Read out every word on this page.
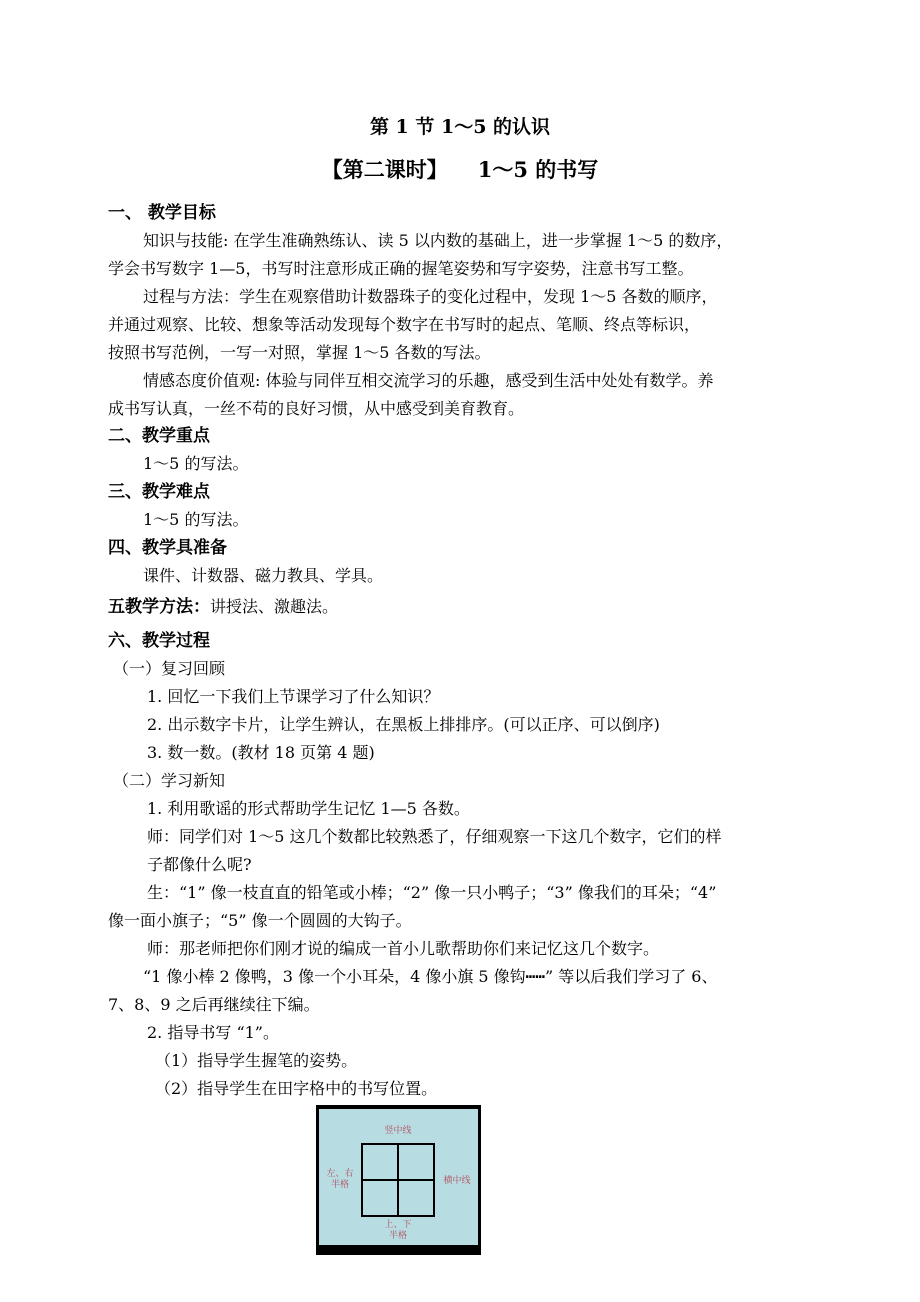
第 1 节 1～5 的认识
【第二课时】 1～5 的书写
一、 教学目标
知识与技能: 在学生准确熟练认、读 5 以内数的基础上，进一步掌握 1～5 的数序，
学会书写数字 1—5，书写时注意形成正确的握笔姿势和写字姿势，注意书写工整。
过程与方法：学生在观察借助计数器珠子的变化过程中，发现 1～5 各数的顺序，
并通过观察、比较、想象等活动发现每个数字在书写时的起点、笔顺、终点等标识，
按照书写范例，一写一对照，掌握 1～5 各数的写法。
情感态度价值观: 体验与同伴互相交流学习的乐趣，感受到生活中处处有数学。养
成书写认真，一丝不苟的良好习惯，从中感受到美育教育。
二、教学重点
1～5 的写法。
三、教学难点
1～5 的写法。
四、教学具准备
课件、计数器、磁力教具、学具。
五教学方法：讲授法、激趣法。
六、教学过程
（一）复习回顾
1. 回忆一下我们上节课学习了什么知识？
2. 出示数字卡片，让学生辨认，在黑板上排排序。(可以正序、可以倒序)
3. 数一数。(教材 18 页第 4 题)
（二）学习新知
1. 利用歌谣的形式帮助学生记忆 1—5 各数。
师：同学们对 1～5 这几个数都比较熟悉了，仔细观察一下这几个数字，它们的样
子都像什么呢?
生：“1” 像一枝直直的铅笔或小棒；“2” 像一只小鸭子；“3” 像我们的耳朵；“4”
像一面小旗子；“5” 像一个圆圆的大钩子。
师：那老师把你们刚才说的编成一首小儿歌帮助你们来记忆这几个数字。
“1 像小棒 2 像鸭，3 像一个小耳朵，4 像小旗 5 像钩┅┅” 等以后我们学习了 6、
7、8、9 之后再继续往下编。
2. 指导书写 “1”。
（1）指导学生握笔的姿势。
（2）指导学生在田字格中的书写位置。
竖中线
左、右
半格	横中线
上、下
半格
